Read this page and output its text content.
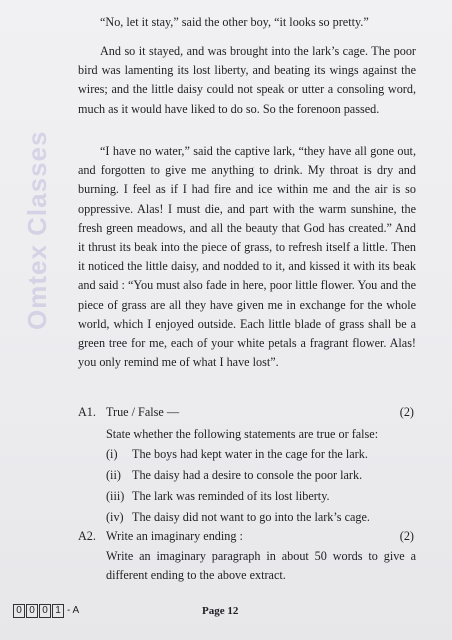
Omtex Classes

“No, let it stay,” said the other boy, “it looks so pretty.”

And so it stayed, and was brought into the lark’s cage. The poor bird was lamenting its lost liberty, and beating its wings against the wires; and the little daisy could not speak or utter a consoling word, much as it would have liked to do so. So the forenoon passed.

“I have no water,” said the captive lark, “they have all gone out, and forgotten to give me anything to drink. My throat is dry and burning. I feel as if I had fire and ice within me and the air is so oppressive. Alas! I must die, and part with the warm sunshine, the fresh green meadows, and all the beauty that God has created.” And it thrust its beak into the piece of grass, to refresh itself a little. Then it noticed the little daisy, and nodded to it, and kissed it with its beak and said : “You must also fade in here, poor little flower. You and the piece of grass are all they have given me in exchange for the whole world, which I enjoyed outside. Each little blade of grass shall be a green tree for me, each of your white petals a fragrant flower. Alas! you only remind me of what I have lost”.

A1. True / False —	(2)
State whether the following statements are true or false:
(i) The boys had kept water in the cage for the lark.
(ii) The daisy had a desire to console the poor lark.
(iii) The lark was reminded of its lost liberty.
(iv) The daisy did not want to go into the lark’s cage.
A2. Write an imaginary ending :	(2)
Write an imaginary paragraph in about 50 words to give a different ending to the above extract.
0 0 0 1 - A	Page 12
